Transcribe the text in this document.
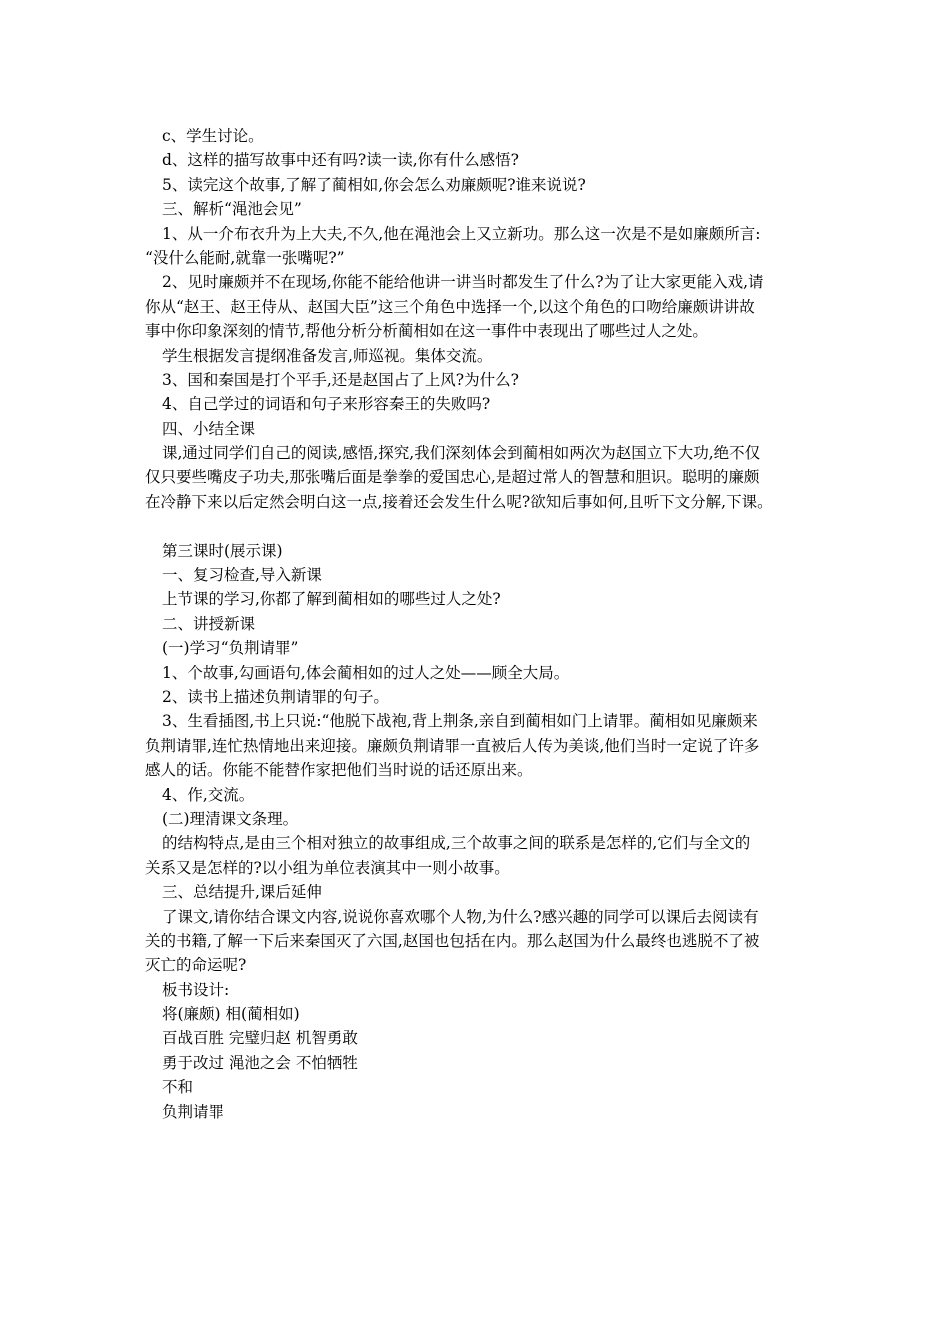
c、学生讨论。
d、这样的描写故事中还有吗?读一读,你有什么感悟?
5、读完这个故事,了解了蔺相如,你会怎么劝廉颇呢?谁来说说?
三、解析“渑池会见”
1、从一介布衣升为上大夫,不久,他在渑池会上又立新功。那么这一次是不是如廉颇所言:
“没什么能耐,就靠一张嘴呢?”
2、见时廉颇并不在现场,你能不能给他讲一讲当时都发生了什么?为了让大家更能入戏,请
你从“赵王、赵王侍从、赵国大臣”这三个角色中选择一个,以这个角色的口吻给廉颇讲讲故
事中你印象深刻的情节,帮他分析分析蔺相如在这一事件中表现出了哪些过人之处。
学生根据发言提纲准备发言,师巡视。集体交流。
3、国和秦国是打个平手,还是赵国占了上风?为什么?
4、自己学过的词语和句子来形容秦王的失败吗?
四、小结全课
课,通过同学们自己的阅读,感悟,探究,我们深刻体会到蔺相如两次为赵国立下大功,绝不仅
仅只要些嘴皮子功夫,那张嘴后面是拳拳的爱国忠心,是超过常人的智慧和胆识。聪明的廉颇
在冷静下来以后定然会明白这一点,接着还会发生什么呢?欲知后事如何,且听下文分解,下课。
第三课时(展示课)
一、复习检查,导入新课
上节课的学习,你都了解到蔺相如的哪些过人之处?
二、讲授新课
(一)学习“负荆请罪”
1、个故事,勾画语句,体会蔺相如的过人之处——顾全大局。
2、读书上描述负荆请罪的句子。
3、生看插图,书上只说:“他脱下战袍,背上荆条,亲自到蔺相如门上请罪。蔺相如见廉颇来
负荆请罪,连忙热情地出来迎接。廉颇负荆请罪一直被后人传为美谈,他们当时一定说了许多
感人的话。你能不能替作家把他们当时说的话还原出来。
4、作,交流。
(二)理清课文条理。
的结构特点,是由三个相对独立的故事组成,三个故事之间的联系是怎样的,它们与全文的
关系又是怎样的?以小组为单位表演其中一则小故事。
三、总结提升,课后延伸
了课文,请你结合课文内容,说说你喜欢哪个人物,为什么?感兴趣的同学可以课后去阅读有
关的书籍,了解一下后来秦国灭了六国,赵国也包括在内。那么赵国为什么最终也逃脱不了被
灭亡的命运呢?
板书设计:
将(廉颇) 相(蔺相如)
百战百胜 完璧归赵 机智勇敢
勇于改过 渑池之会 不怕牺牲
不和
负荆请罪
